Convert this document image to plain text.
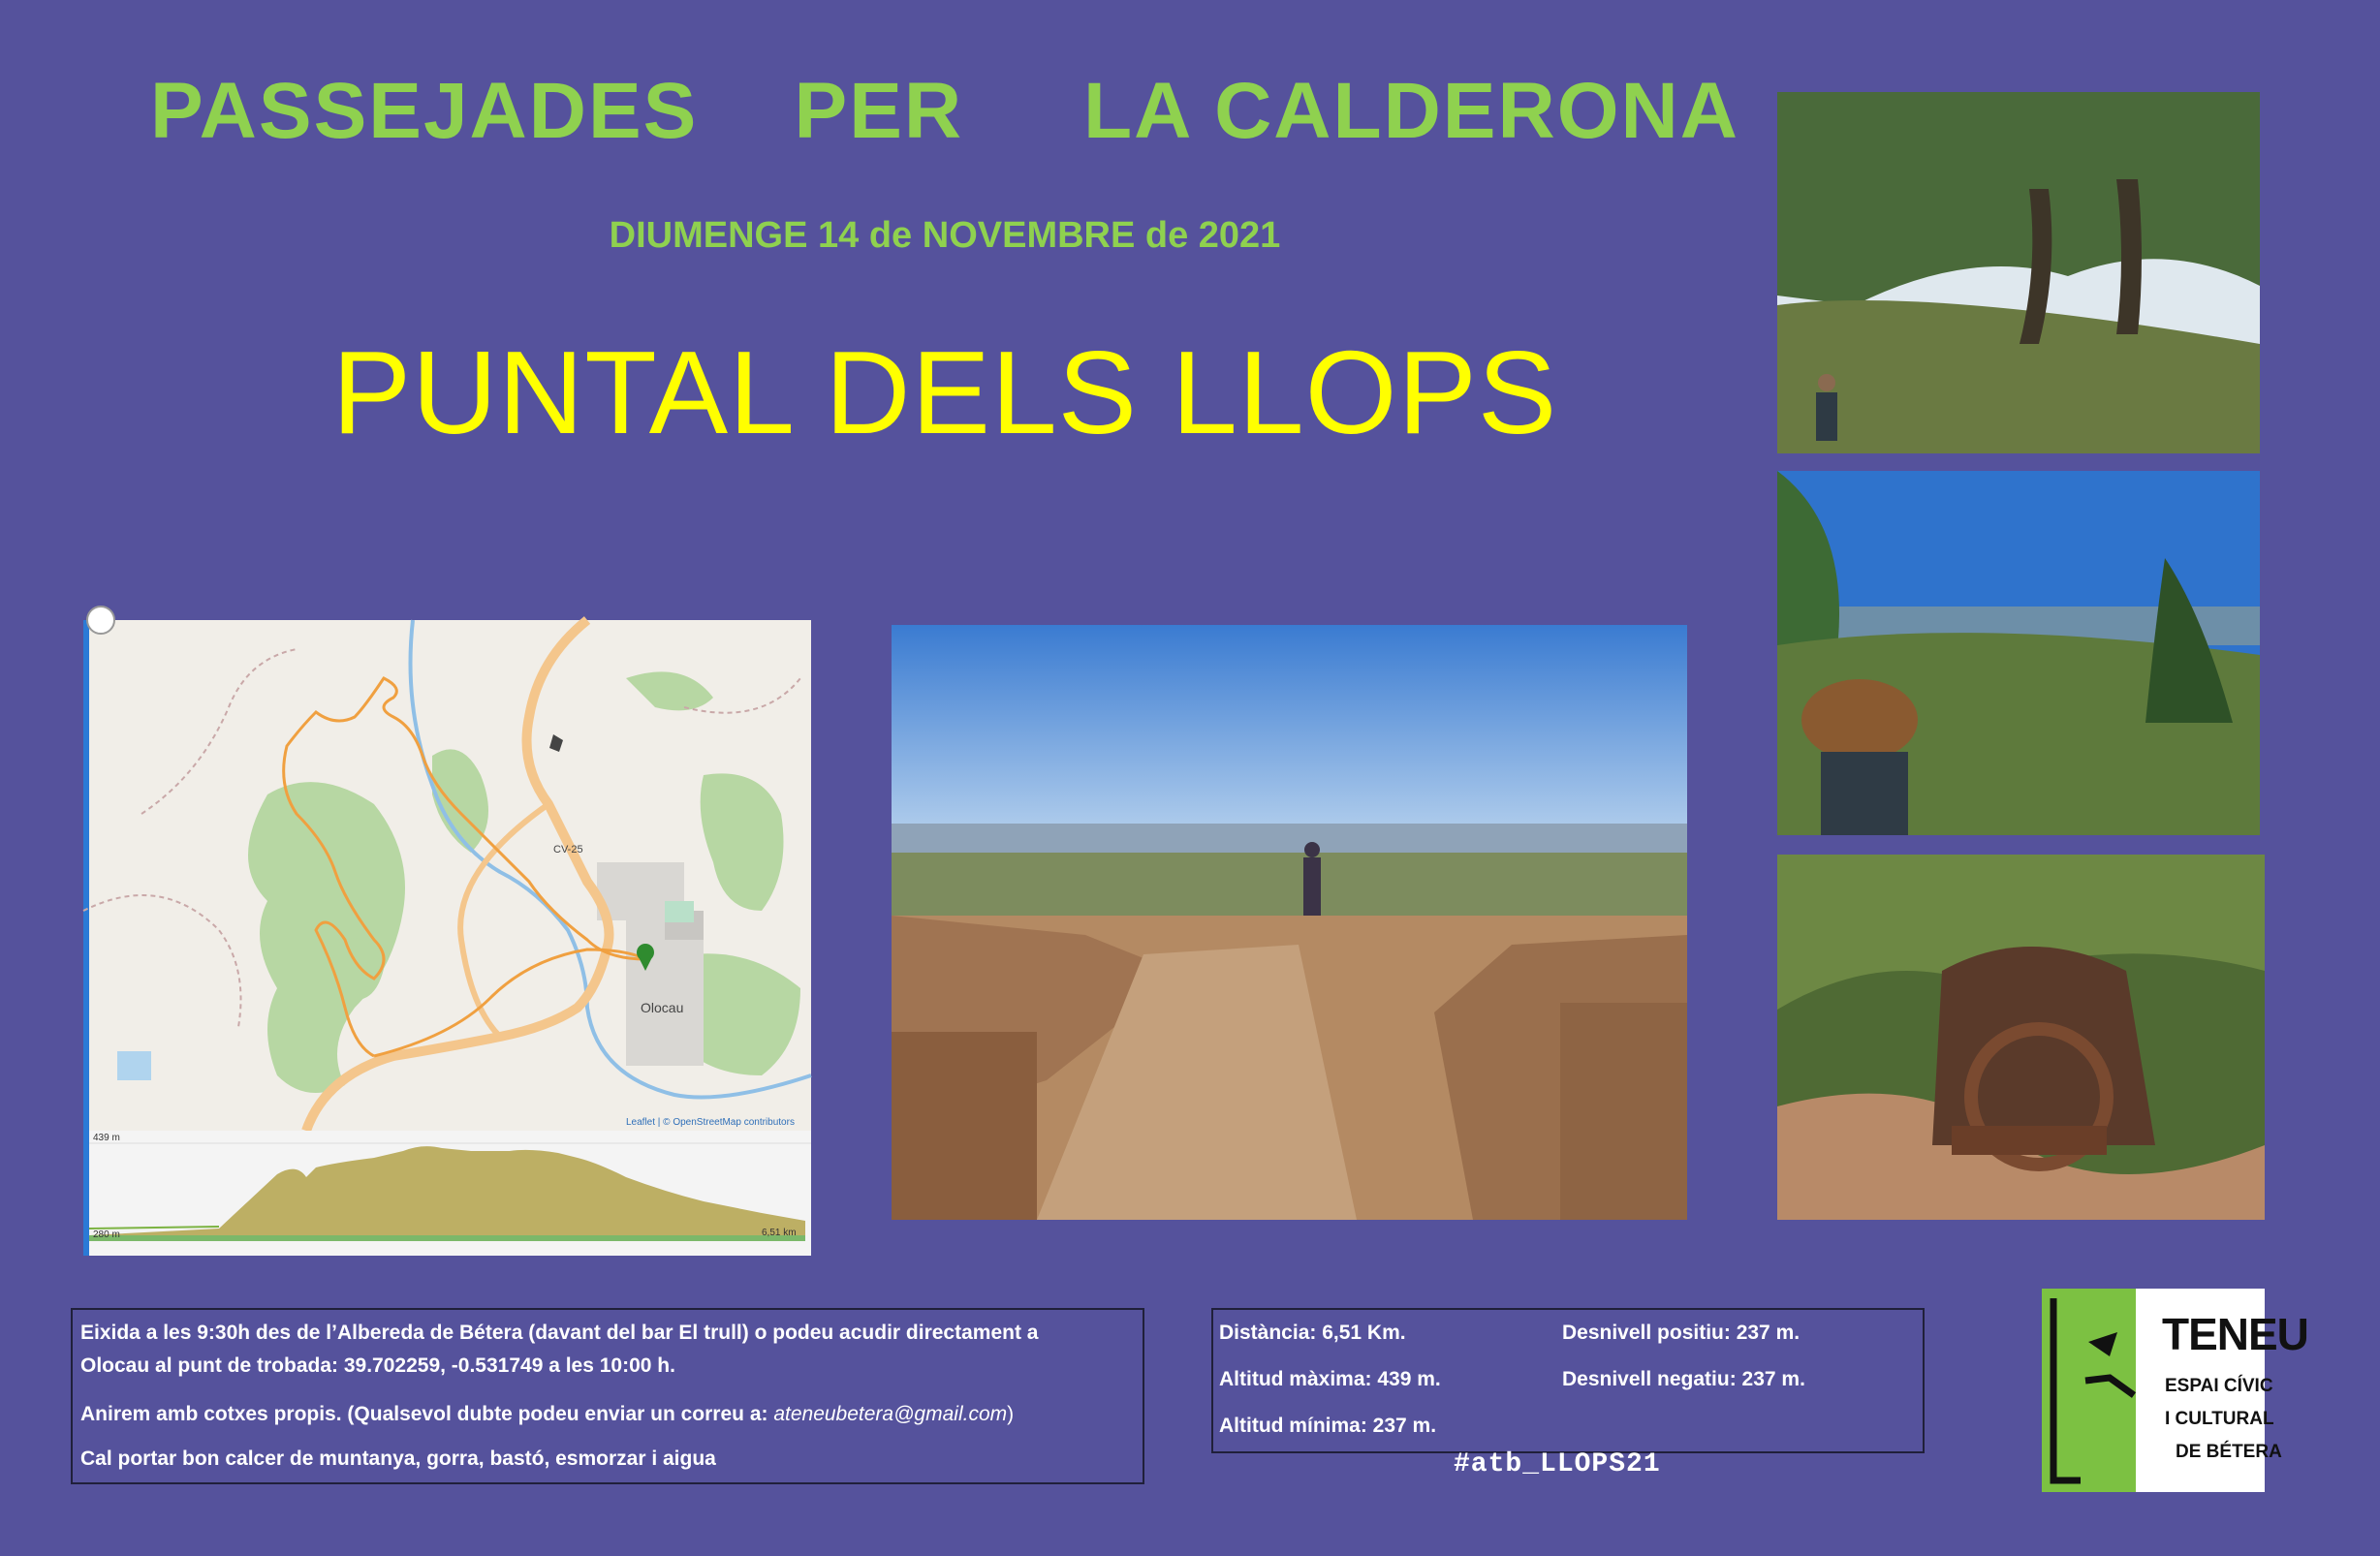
PASSEJADES    PER     LA CALDERONA
DIUMENGE 14 de NOVEMBRE de 2021
PUNTAL DELS LLOPS
CV-25
Olocau
Leaflet | © OpenStreetMap contributors
439 m
280 m	6,51 km
Eixida a les 9:30h des de l’Albereda de Bétera (davant del bar El trull) o podeu acudir directament a
Olocau al punt de trobada: 39.702259, -0.531749 a les 10:00 h.
Anirem amb cotxes propis. (Qualsevol dubte podeu enviar un correu a: ateneubetera@gmail.com)
Cal portar bon calcer de muntanya, gorra, bastó, esmorzar i aigua
Distància: 6,51 Km.
Altitud màxima: 439 m.
Altitud mínima: 237 m.
Desnivell positiu: 237 m.
Desnivell negatiu: 237 m.
#atb_LLOPS21
TENEU
ESPAI CÍVIC
I CULTURAL
DE BÉTERA
